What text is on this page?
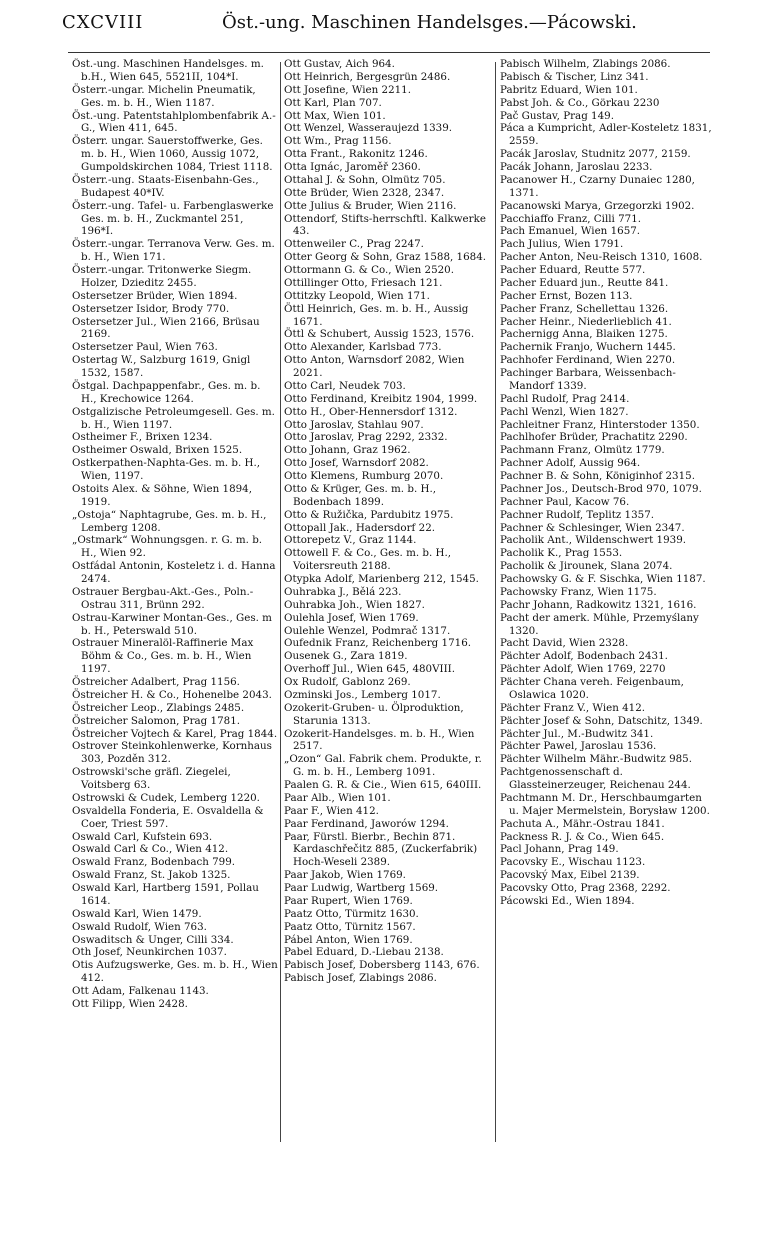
CXCVIII	Öst.-ung. Maschinen Handelsges.—Pácowski.

Öst.-ung. Maschinen Handelsges. m. b.H., Wien 645, 5521II, 104*I.

Österr.-ungar. Michelin Pneumatik, Ges. m. b. H., Wien 1187.

Öst.-ung. Patentstahlplombenfabrik A.-G., Wien 411, 645.

Österr. ungar. Sauerstoffwerke, Ges. m. b. H., Wien 1060, Aussig 1072, Gumpoldskirchen 1084, Triest 1118.

Österr.-ung. Staats-Eisenbahn-Ges., Budapest 40*IV.

Österr.-ung. Tafel- u. Farbenglaswerke Ges. m. b. H., Zuckmantel 251, 196*I.

Österr.-ungar. Terranova Verw. Ges. m. b. H., Wien 171.

Österr.-ungar. Tritonwerke Siegm. Holzer, Dziedіtz 2455.

Ostersetzer Brüder, Wien 1894.

Ostersetzer Isidor, Brody 770.

Ostersetzer Jul., Wien 2166, Brüsau 2169.

Ostersetzer Paul, Wien 763.

Ostertag W., Salzburg 1619, Gnigl 1532, 1587.

Östgal. Dachpappenfabr., Ges. m. b. H., Krechowice 1264.

Ostgalizische Petroleumgesell. Ges. m. b. H., Wien 1197.

Ostheimer F., Brixen 1234.

Ostheimer Oswald, Brixen 1525.

Ostkerpathen-Naphta-Ges. m. b. H., Wien, 1197.

Ostoits Alex. & Söhne, Wien 1894, 1919.

„Ostoja“ Naphtagrube, Ges. m. b. H., Lemberg 1208.

„Ostmark“ Wohnungsgen. r. G. m. b. H., Wien 92.

Ostfádal Antonin, Kosteletz i. d. Hanna 2474.

Ostrauer Bergbau-Akt.-Ges., Poln.-Ostrau 311, Brünn 292.

Ostrau-Karwiner Montan-Ges., Ges. m b. H., Peterswald 510.

Ostrauer Mineralöl-Raffinerie Max Böhm & Co., Ges. m. b. H., Wien 1197.

Östreicher Adalbert, Prag 1156.

Östreicher H. & Co., Hohenelbe 2043.

Östreicher Leop., Zlabings 2485.

Östreicher Salomon, Prag 1781.

Östreicher Vojtech & Karel, Prag 1844.

Ostrover Steinkohlenwerke, Kornhaus 303, Pozděn 312.

Ostrowski'sche gräfl. Ziegelei, Voitsberg 63.

Ostrowski & Cudek, Lemberg 1220.

Osvaldella Fonderia, E. Osvaldella & Coer, Triest 597.

Oswald Carl, Kufstein 693.

Oswald Carl & Co., Wien 412.

Oswald Franz, Bodenbach 799.

Oswald Franz, St. Jakob 1325.

Oswald Karl, Hartberg 1591, Pollau 1614.

Oswald Karl, Wien 1479.

Oswald Rudolf, Wien 763.

Oswaditsch & Unger, Cilli 334.

Oth Josef, Neunkirchen 1037.

Otis Aufzugswerke, Ges. m. b. H., Wien 412.

Ott Adam, Falkenau 1143.

Ott Filipp, Wien 2428.

Ott Gustav, Aich 964.

Ott Heinrich, Bergesgrün 2486.

Ott Josefine, Wien 2211.

Ott Karl, Plan 707.

Ott Max, Wien 101.

Ott Wenzel, Wasseraujezd 1339.

Ott Wm., Prag 1156.

Otta Frant., Rakonitz 1246.

Otta Ignác, Jaroměř 2360.

Ottahal J. & Sohn, Olmütz 705.

Otte Brüder, Wien 2328, 2347.

Otte Julius & Bruder, Wien 2116.

Ottendorf, Stifts-herrschftl. Kalkwerke 43.

Ottenweiler C., Prag 2247.

Otter Georg & Sohn, Graz 1588, 1684.

Ottormann G. & Co., Wien 2520.

Ottillinger Otto, Friesach 121.

Ottitzky Leopold, Wien 171.

Öttl Heinrich, Ges. m. b. H., Aussig 1671.

Öttl & Schubert, Aussig 1523, 1576.

Otto Alexander, Karlsbad 773.

Otto Anton, Warnsdorf 2082, Wien 2021.

Otto Carl, Neudek 703.

Otto Ferdinand, Kreibitz 1904, 1999.

Otto H., Ober-Hennersdorf 1312.

Otto Jaroslav, Stahlau 907.

Otto Jaroslav, Prag 2292, 2332.

Otto Johann, Graz 1962.

Otto Josef, Warnsdorf 2082.

Otto Klemens, Rumburg 2070.

Otto & Krüger, Ges. m. b. H., Bodenbach 1899.

Otto & Ružička, Pardubitz 1975.

Ottopall Jak., Hadersdorf 22.

Ottorepetz V., Graz 1144.

Ottowell F. & Co., Ges. m. b. H., Voitersreuth 2188.

Otypka Adolf, Marienberg 212, 1545.

Ouhrabka J., Bělá 223.

Ouhrabka Joh., Wien 1827.

Oulehla Josef, Wien 1769.

Oulehle Wenzel, Podmrač 1317.

Oufednik Franz, Reichenberg 1716.

Ousenek G., Zara 1819.

Overhoff Jul., Wien 645, 480VIII.

Ox Rudolf, Gablonz 269.

Ozminski Jos., Lemberg 1017.

Ozokerit-Gruben- u. Ölproduktion, Starunia 1313.

Ozokerit-Handelsges. m. b. H., Wien 2517.

„Ozon“ Gal. Fabrik chem. Produkte, r. G. m. b. H., Lemberg 1091.

Paalen G. R. & Cie., Wien 615, 640III.

Paar Alb., Wien 101.

Paar F., Wien 412.

Paar Ferdinand, Jaworów 1294.

Paar, Fürstl. Bierbr., Bechin 871. Kardaschřečitz 885, (Zuckerfabrik) Hoch-Weseli 2389.

Paar Jakob, Wien 1769.

Paar Ludwig, Wartberg 1569.

Paar Rupert, Wien 1769.

Paatz Otto, Türmitz 1630.

Paatz Otto, Türnitz 1567.

Pábel Anton, Wien 1769.

Pabel Eduard, D.-Liebau 2138.

Pabisch Josef, Dobersberg 1143, 676.

Pabisch Josef, Zlabings 2086.

Pabisch Wilhelm, Zlabings 2086.

Pabisch & Tischer, Linz 341.

Pabritz Eduard, Wien 101.

Pabst Joh. & Co., Görkau 2230

Pač Gustav, Prag 149.

Páca a Kumpricht, Adler-Kosteletz 1831, 2559.

Pacák Jaroslav, Studnitz 2077, 2159.

Pacák Johann, Jaroslau 2233.

Pacanower H., Czarny Dunaiec 1280, 1371.

Pacanowski Marya, Grzegorzki 1902.

Pacchiaffo Franz, Cilli 771.

Pach Emanuel, Wien 1657.

Pach Julius, Wien 1791.

Pacher Anton, Neu-Reisch 1310, 1608.

Pacher Eduard, Reutte 577.

Pacher Eduard jun., Reutte 841.

Pacher Ernst, Bozen 113.

Pacher Franz, Schellettau 1326.

Pacher Heinr., Niederlieblich 41.

Pachernigg Anna, Blaiken 1275.

Pachernik Franjo, Wuchern 1445.

Pachhofer Ferdinand, Wien 2270.

Pachinger Barbara, Weissenbach-Mandorf 1339.

Pachl Rudolf, Prag 2414.

Pachl Wenzl, Wien 1827.

Pachleitner Franz, Hinterstoder 1350.

Pachlhofer Brüder, Prachatitz 2290.

Pachmann Franz, Olmütz 1779.

Pachner Adolf, Aussig 964.

Pachner B. & Sohn, Königinhof 2315.

Pachner Jos., Deutsch-Brod 970, 1079.

Pachner Paul, Kacow 76.

Pachner Rudolf, Teplitz 1357.

Pachner & Schlesinger, Wien 2347.

Pacholik Ant., Wildenschwert 1939.

Pacholik K., Prag 1553.

Pacholik & Jirounek, Slana 2074.

Pachowsky G. & F. Sischka, Wien 1187.

Pachowsky Franz, Wien 1175.

Pachr Johann, Radkowitz 1321, 1616.

Pacht der amerk. Mühle, Przemyślany 1320.

Pacht David, Wien 2328.

Pächter Adolf, Bodenbach 2431.

Pächter Adolf, Wien 1769, 2270

Pächter Chana vereh. Feigenbaum, Oslawica 1020.

Pächter Franz V., Wien 412.

Pächter Josef & Sohn, Datschitz, 1349.

Pächter Jul., M.-Budwitz 341.

Pächter Pawel, Jaroslau 1536.

Pächter Wilhelm Mähr.-Budwitz 985.

Pachtgenossenschaft d. Glassteinerzeuger, Reichenau 244.

Pachtmann M. Dr., Herschbaumgarten u. Majer Mermelstein, Borysław 1200.

Pachuta A., Mähr.-Ostrau 1841.

Packness R. J. & Co., Wien 645.

Pacl Johann, Prag 149.

Pacovsky E., Wischau 1123.

Pacovský Max, Eibel 2139.

Pacovsky Otto, Prag 2368, 2292.

Pácowski Ed., Wien 1894.
